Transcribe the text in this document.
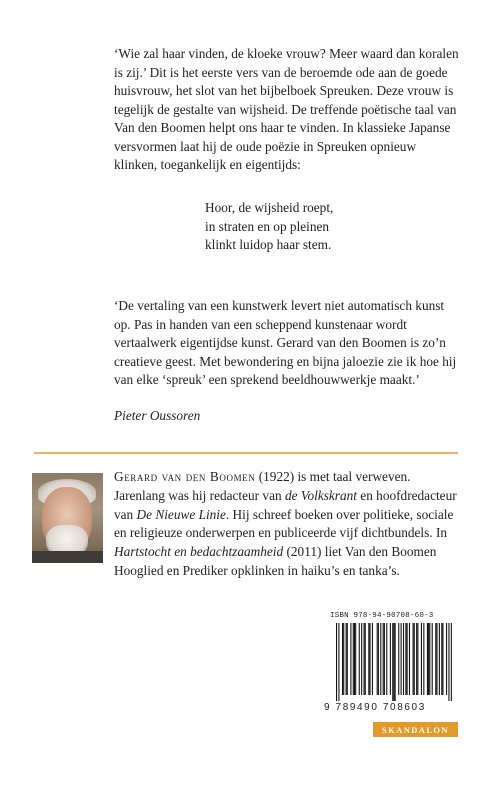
‘Wie zal haar vinden, de kloeke vrouw? Meer waard dan koralen is zij.’ Dit is het eerste vers van de beroemde ode aan de goede huisvrouw, het slot van het bijbelboek Spreuken. Deze vrouw is tegelijk de gestalte van wijsheid. De treffende poëtische taal van Van den Boomen helpt ons haar te vinden. In klassieke Japanse versvormen laat hij de oude poëzie in Spreuken opnieuw klinken, toegankelijk en eigentijds:

Hoor, de wijsheid roept,
in straten en op pleinen
klinkt luidop haar stem.

‘De vertaling van een kunstwerk levert niet automatisch kunst op. Pas in handen van een scheppend kunstenaar wordt vertaalwerk eigentijdse kunst. Gerard van den Boomen is zo’n creatieve geest. Met bewondering en bijna jaloezie zie ik hoe hij van elke ‘spreuk’ een sprekend beeldhouwwerkje maakt.’

Pieter Oussoren

Gerard van den Boomen (1922) is met taal verweven. Jarenlang was hij redacteur van de Volkskrant en hoofdredacteur van De Nieuwe Linie. Hij schreef boeken over politieke, sociale en religieuze onderwerpen en publiceerde vijf dichtbundels. In Hartstocht en bedachtzaamheid (2011) liet Van den Boomen Hooglied en Prediker opklinken in haiku’s en tanka’s.

ISBN 978-94-90708-60-3
9 789490 708603
SKANDALON
